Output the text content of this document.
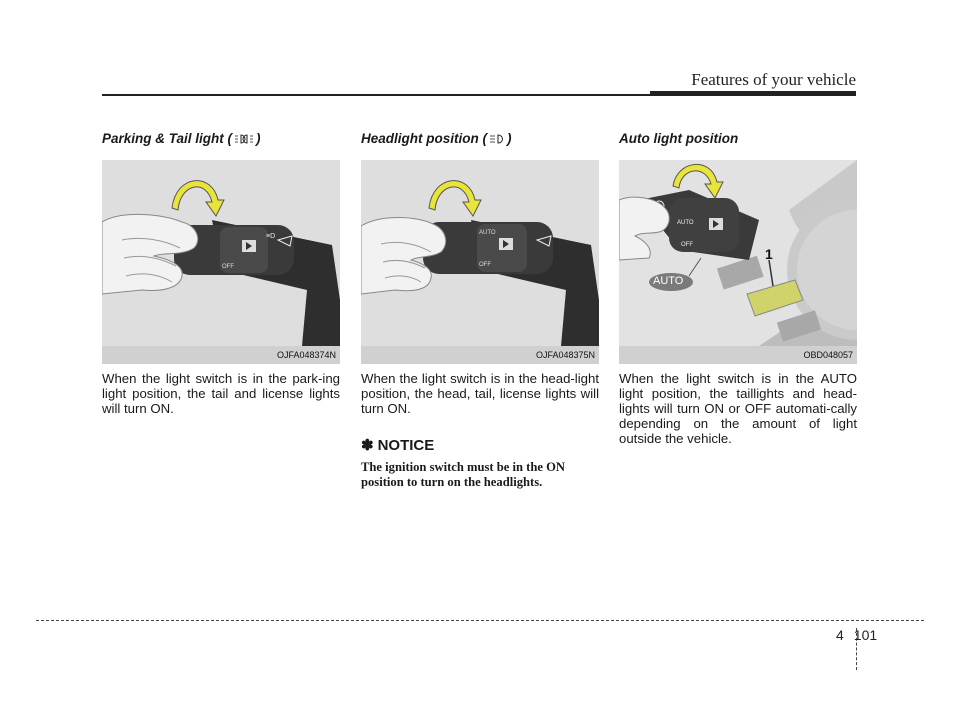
Features of your vehicle
Parking & Tail light ( )
OFF
≡D
OJFA048374N
When the light switch is in the park-ing light position, the tail and license lights will turn ON.
Headlight position ( )
OFF
AUTO
OJFA048375N
When the light switch is in the head-light position, the head, tail, license lights will turn ON.
✽ NOTICE
The ignition switch must be in the ON position to turn on the headlights.
Auto light position
OFF
AUTO
AUTO
1
OBD048057
When the light switch is in the AUTO light position, the taillights and head-lights will turn ON or OFF automati-cally depending on the amount of light outside the vehicle.
4 101
